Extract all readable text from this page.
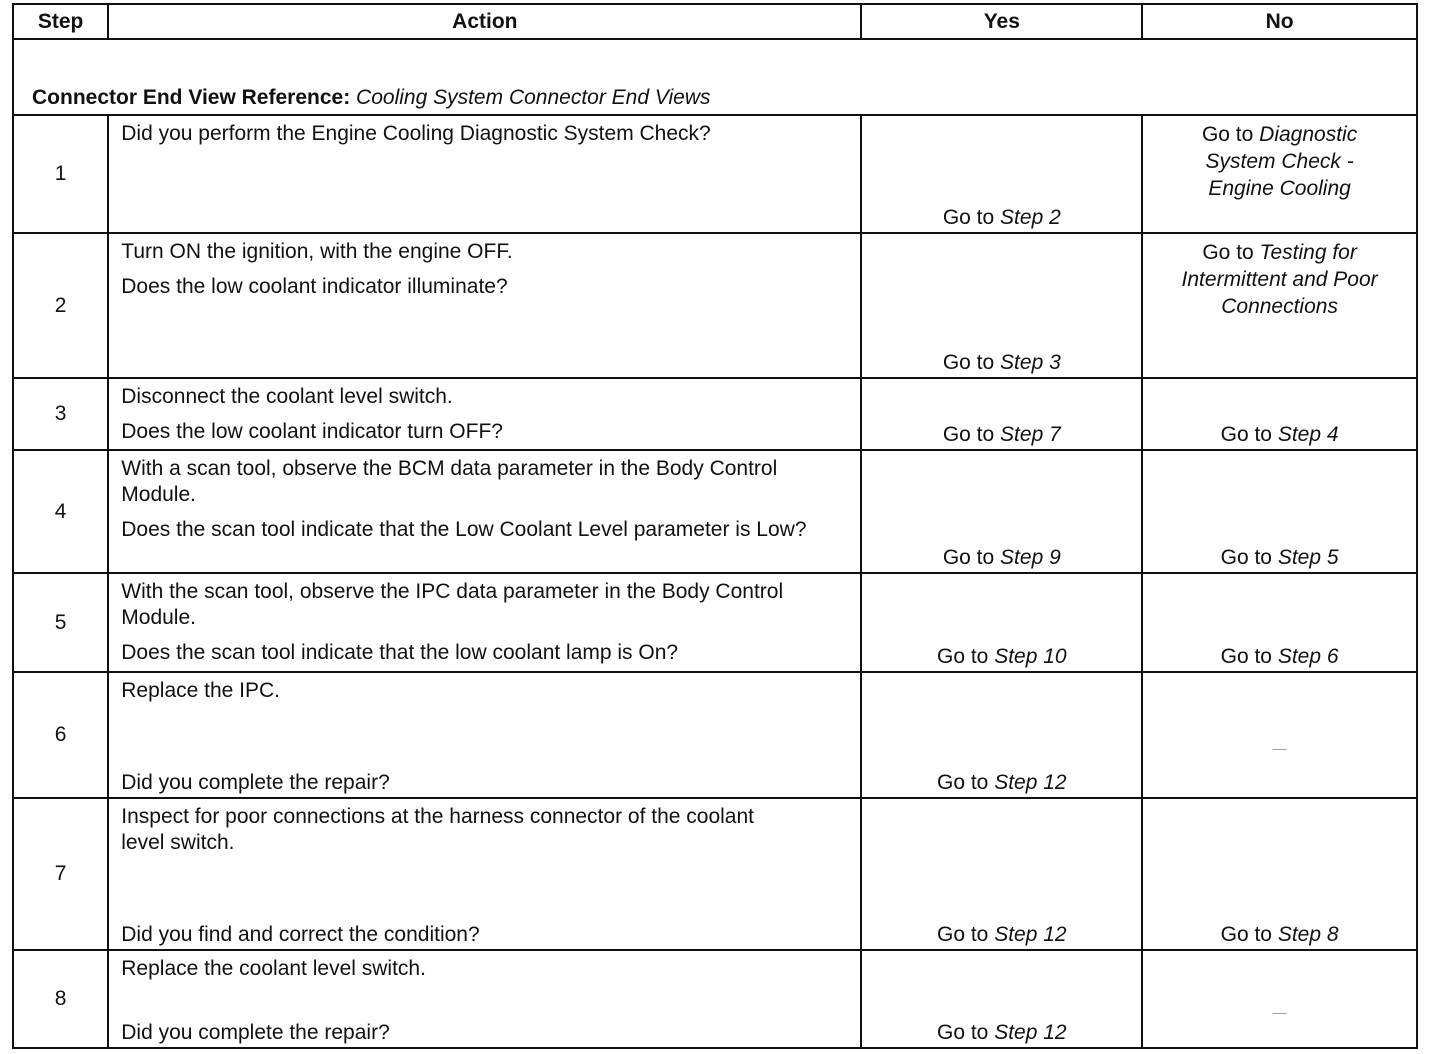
Step	Action	Yes	No
Connector End View Reference: Cooling System Connector End Views			
1	Did you perform the Engine Cooling Diagnostic System Check?	Go to Step 2	Go to Diagnostic System Check - Engine Cooling

2	Turn ON the ignition, with the engine OFF.
Does the low coolant indicator illuminate?	Go to Step 3	Go to Testing for Intermittent and Poor Connections

3	Disconnect the coolant level switch.
Does the low coolant indicator turn OFF?	Go to Step 7	Go to Step 4

4	With a scan tool, observe the BCM data parameter in the Body Control Module.
Does the scan tool indicate that the Low Coolant Level parameter is Low?	Go to Step 9	Go to Step 5

5	With the scan tool, observe the IPC data parameter in the Body Control Module.
Does the scan tool indicate that the low coolant lamp is On?	Go to Step 10	Go to Step 6

6	Replace the IPC.
Did you complete the repair?	Go to Step 12	—

7	Inspect for poor connections at the harness connector of the coolant level switch.
Did you find and correct the condition?	Go to Step 12	Go to Step 8

8	Replace the coolant level switch.
Did you complete the repair?	Go to Step 12	—
